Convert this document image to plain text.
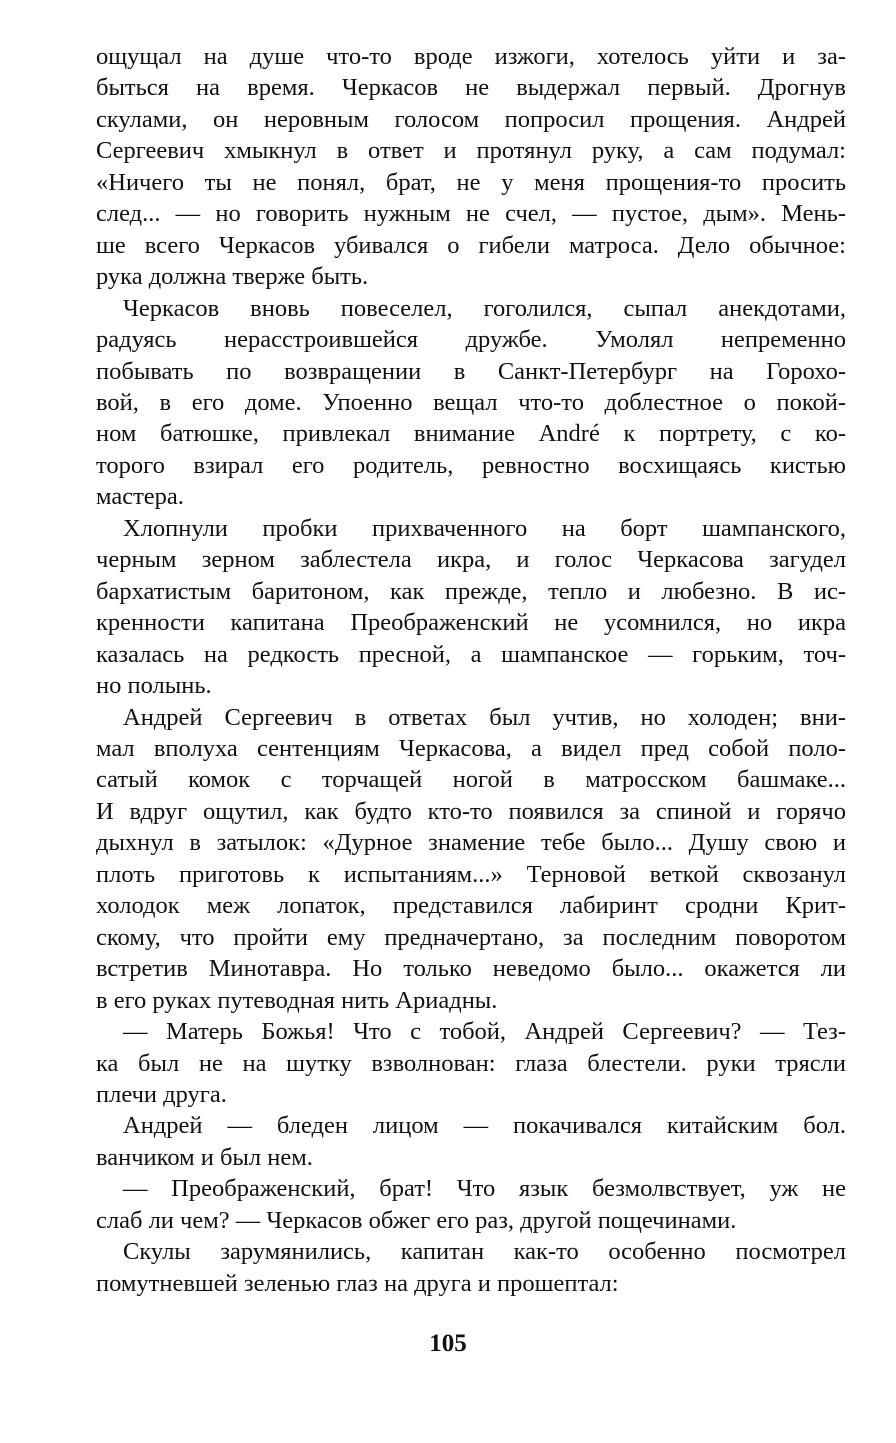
ощущал на душе что-то вроде изжоги, хотелось уйти и за-
быться на время. Черкасов не выдержал первый. Дрогнув
скулами, он неровным голосом попросил прощения. Андрей
Сергеевич хмыкнул в ответ и протянул руку, а сам подумал:
«Ничего ты не понял, брат, не у меня прощения-то просить
след... — но говорить нужным не счел, — пустое, дым». Мень-
ше всего Черкасов убивался о гибели матроса. Дело обычное:
рука должна тверже быть.
Черкасов вновь повеселел, гоголился, сыпал анекдотами,
радуясь нерасстроившейся дружбе. Умолял непременно
побывать по возвращении в Санкт-Петербург на Горохо-
вой, в его доме. Упоенно вещал что-то доблестное о покой-
ном батюшке, привлекал внимание André к портрету, с ко-
торого взирал его родитель, ревностно восхищаясь кистью
мастера.
Хлопнули пробки прихваченного на борт шампанского,
черным зерном заблестела икра, и голос Черкасова загудел
бархатистым баритоном, как прежде, тепло и любезно. В ис-
кренности капитана Преображенский не усомнился, но икра
казалась на редкость пресной, а шампанское — горьким, точ-
но полынь.
Андрей Сергеевич в ответах был учтив, но холоден; вни-
мал вполуха сентенциям Черкасова, а видел пред собой поло-
сатый комок с торчащей ногой в матросском башмаке...
И вдруг ощутил, как будто кто-то появился за спиной и горячо
дыхнул в затылок: «Дурное знамение тебе было... Душу свою и
плоть приготовь к испытаниям...» Терновой веткой сквозанул
холодок меж лопаток, представился лабиринт сродни Крит-
скому, что пройти ему предначертано, за последним поворотом
встретив Минотавра. Но только неведомо было... окажется ли
в его руках путеводная нить Ариадны.
— Матерь Божья! Что с тобой, Андрей Сергеевич? — Тез-
ка был не на шутку взволнован: глаза блестели. руки трясли
плечи друга.
Андрей — бледен лицом — покачивался китайским бол.
ванчиком и был нем.
— Преображенский, брат! Что язык безмолвствует, уж не
слаб ли чем? — Черкасов обжег его раз, другой пощечинами.
Скулы зарумянились, капитан как-то особенно посмотрел
помутневшей зеленью глаз на друга и прошептал:
105
